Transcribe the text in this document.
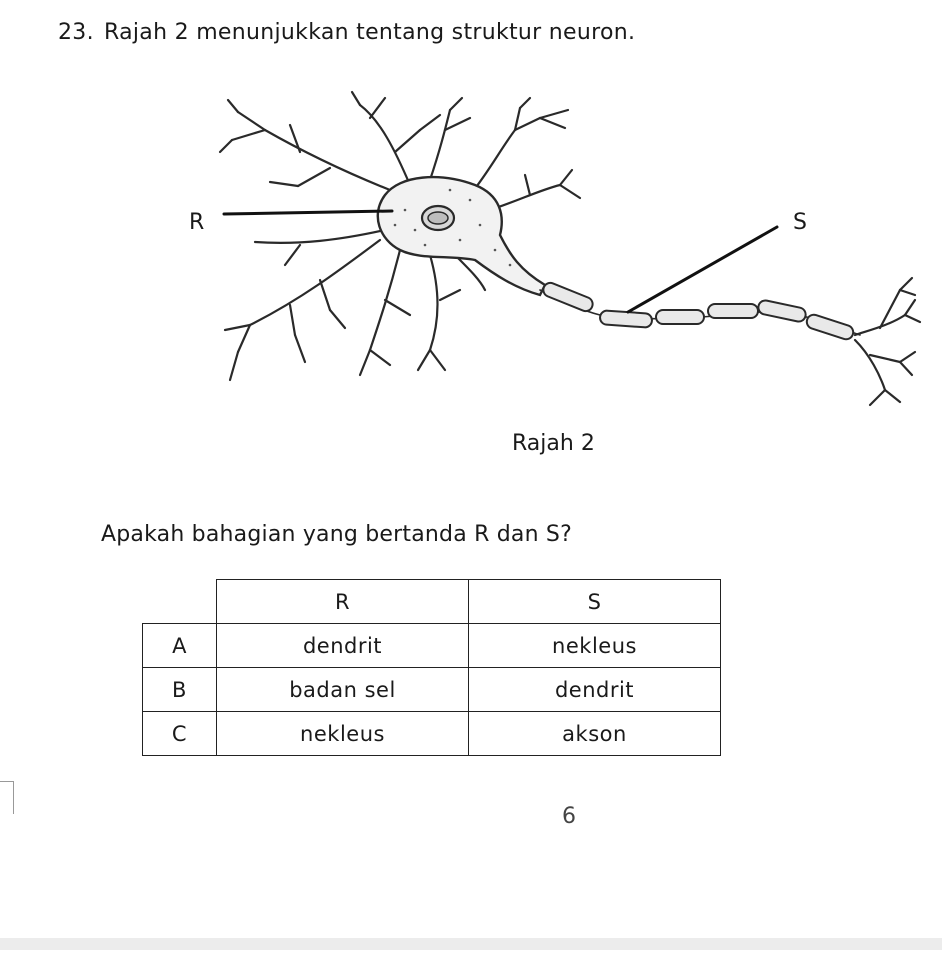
23. Rajah 2 menunjukkan tentang struktur neuron.
R	S
Rajah 2
Apakah bahagian yang bertanda R dan S?
	R	S
A	dendrit	nekleus
B	badan sel	dendrit
C	nekleus	akson
6
